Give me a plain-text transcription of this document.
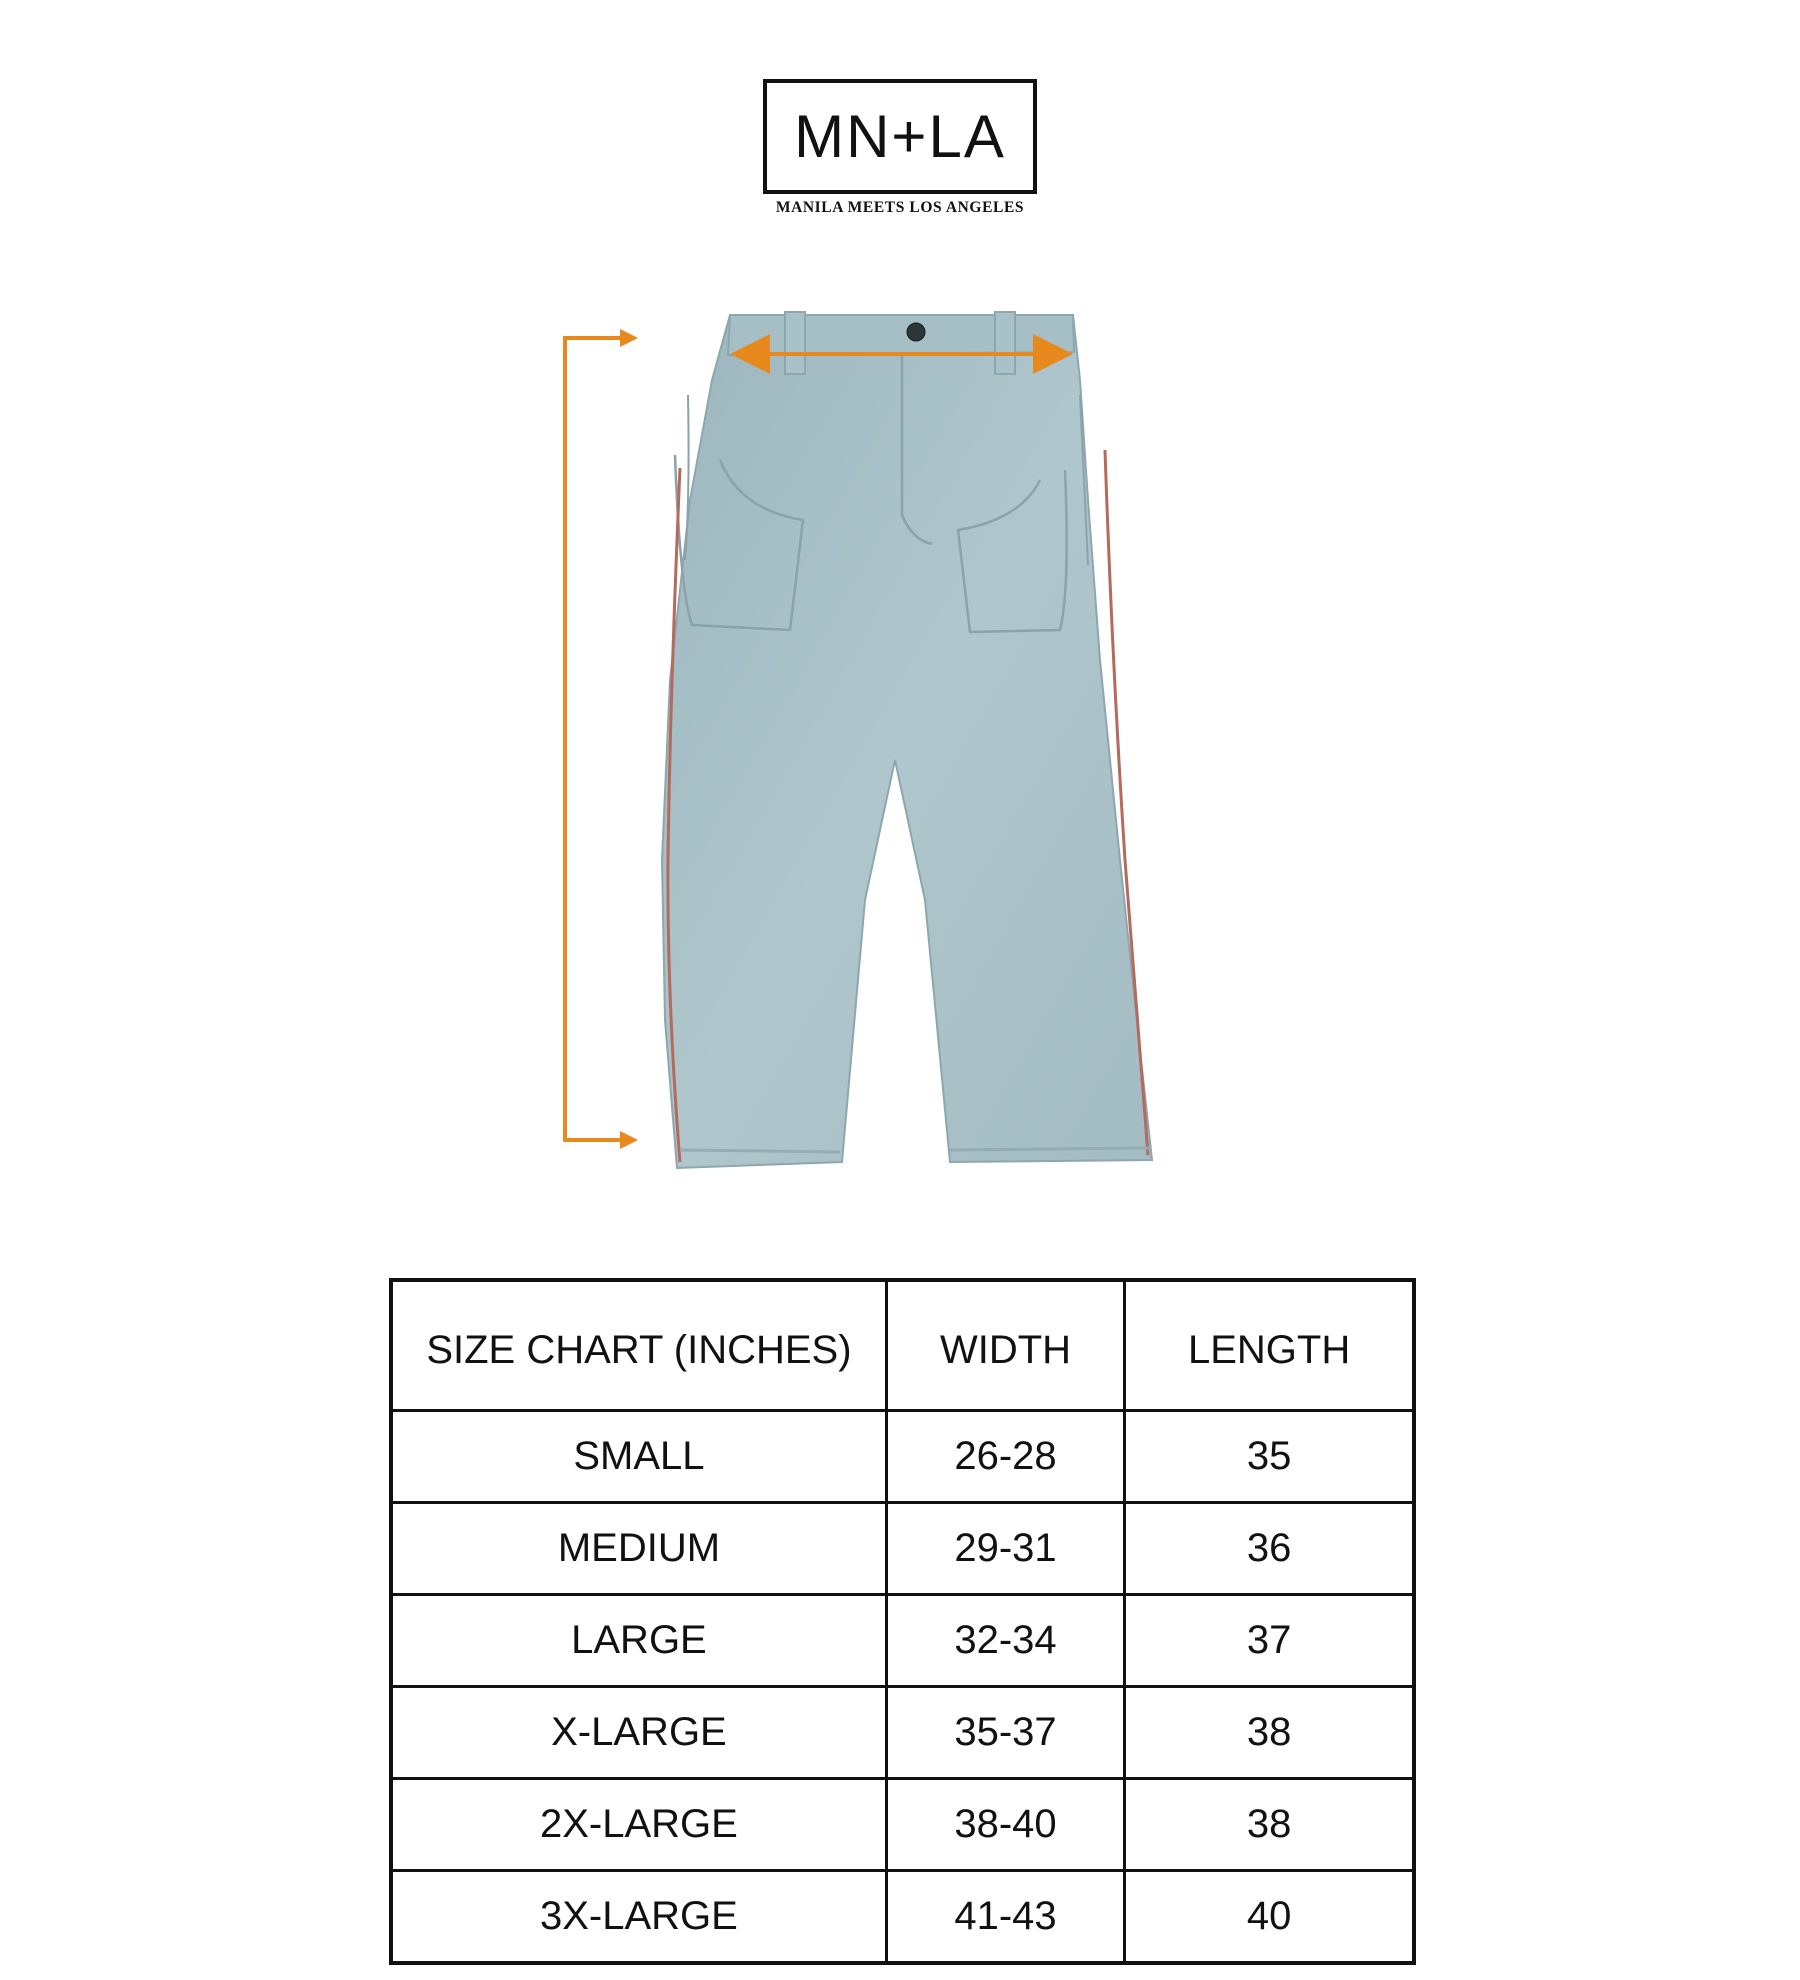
MN+LA
MANILA MEETS LOS ANGELES
SIZE CHART (INCHES)	WIDTH	LENGTH
SMALL	26-28	35
MEDIUM	29-31	36
LARGE	32-34	37
X-LARGE	35-37	38
2X-LARGE	38-40	38
3X-LARGE	41-43	40
